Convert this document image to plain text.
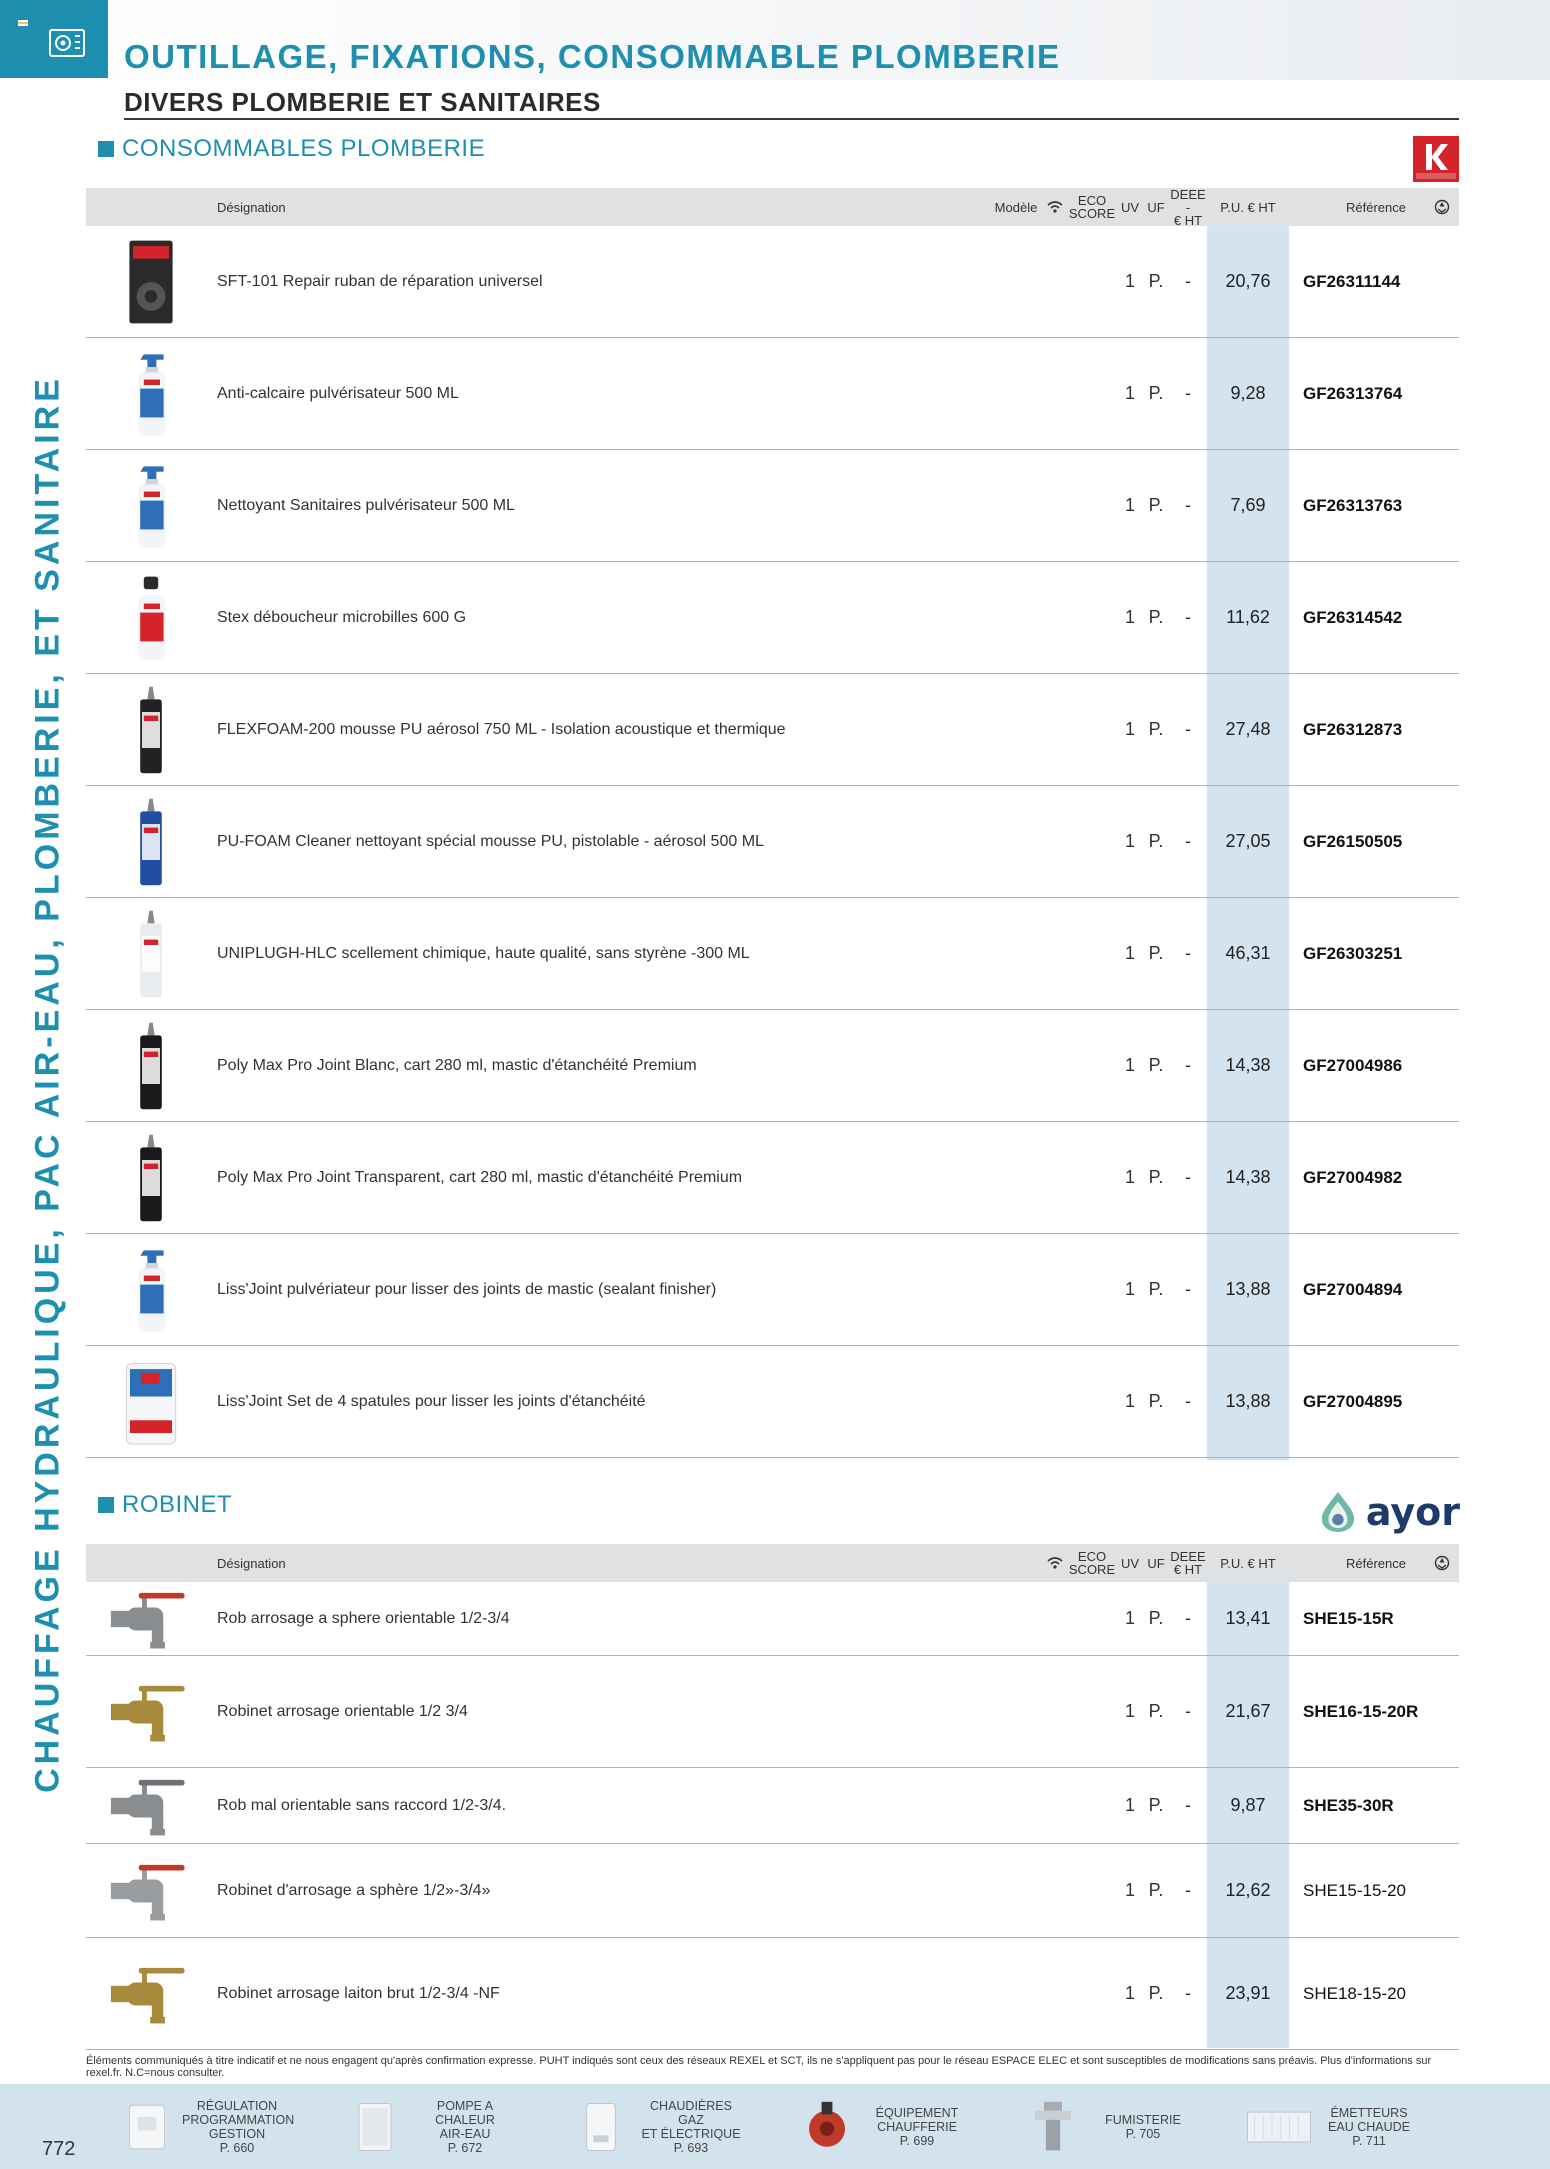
OUTILLAGE, FIXATIONS, CONSOMMABLE PLOMBERIE
DIVERS PLOMBERIE ET SANITAIRES
CHAUFFAGE HYDRAULIQUE, PAC AIR-EAU, PLOMBERIE, ET SANITAIRE
CONSOMMABLES PLOMBERIE
Désignation	Modèle	ECO
SCORE UV UF
DEEE -
€ HT
P.U. € HT	Référence
SFT-101 Repair ruban de réparation universel	1 P.	-	20,76	GF26311144
Anti-calcaire pulvérisateur 500 ML	1 P.	-	9,28	GF26313764
Nettoyant Sanitaires pulvérisateur 500 ML	1 P.	-	7,69	GF26313763
Stex déboucheur microbilles 600 G	1 P.	-	11,62	GF26314542
FLEXFOAM-200 mousse PU aérosol 750 ML - Isolation acoustique et thermique	1 P.	-	27,48	GF26312873
PU-FOAM Cleaner nettoyant spécial mousse PU, pistolable - aérosol 500 ML	1 P.	-	27,05	GF26150505
UNIPLUGH-HLC scellement chimique, haute qualité, sans styrène -300 ML	1 P.	-	46,31	GF26303251
Poly Max Pro Joint Blanc, cart 280 ml, mastic d'étanchéité Premium	1 P.	-	14,38	GF27004986
Poly Max Pro Joint Transparent, cart 280 ml, mastic d'étanchéité Premium	1 P.	-	14,38	GF27004982
Liss'Joint pulvériateur pour lisser des joints de mastic (sealant finisher)	1 P.	-	13,88	GF27004894
Liss'Joint Set de 4 spatules pour lisser les joints d'étanchéité	1 P.	-	13,88	GF27004895
ROBINET	ayor
Désignation	ECO
SCORE UV UF DEEE
€ HT	P.U. € HT	Référence
Rob arrosage a sphere orientable 1/2-3/4	1 P.	-	13,41	SHE15-15R
Robinet arrosage orientable 1/2 3/4	1 P.	-	21,67	SHE16-15-20R
Rob mal orientable sans raccord 1/2-3/4.	1 P.	-	9,87	SHE35-30R
Robinet d'arrosage a sphère 1/2»-3/4»	1 P.	-	12,62	SHE15-15-20
Robinet arrosage laiton brut 1/2-3/4 -NF	1 P.	-	23,91	SHE18-15-20
Éléments communiqués à titre indicatif et ne nous engagent qu'après confirmation expresse. PUHT indiqués sont ceux des réseaux REXEL et SCT, ils ne s'appliquent pas pour le réseau ESPACE ELEC et sont susceptibles de modifications sans préavis. Plus d'informations sur rexel.fr. N.C=nous consulter.
772
RÉGULATION
PROGRAMMATION
GESTION
P. 660
POMPE A CHALEUR
AIR-EAU
P. 672
CHAUDIÈRES GAZ
ET ÉLECTRIQUE
P. 693
ÉQUIPEMENT
CHAUFFERIE
P. 699
FUMISTERIE
P. 705
ÉMETTEURS
EAU CHAUDE
P. 711
